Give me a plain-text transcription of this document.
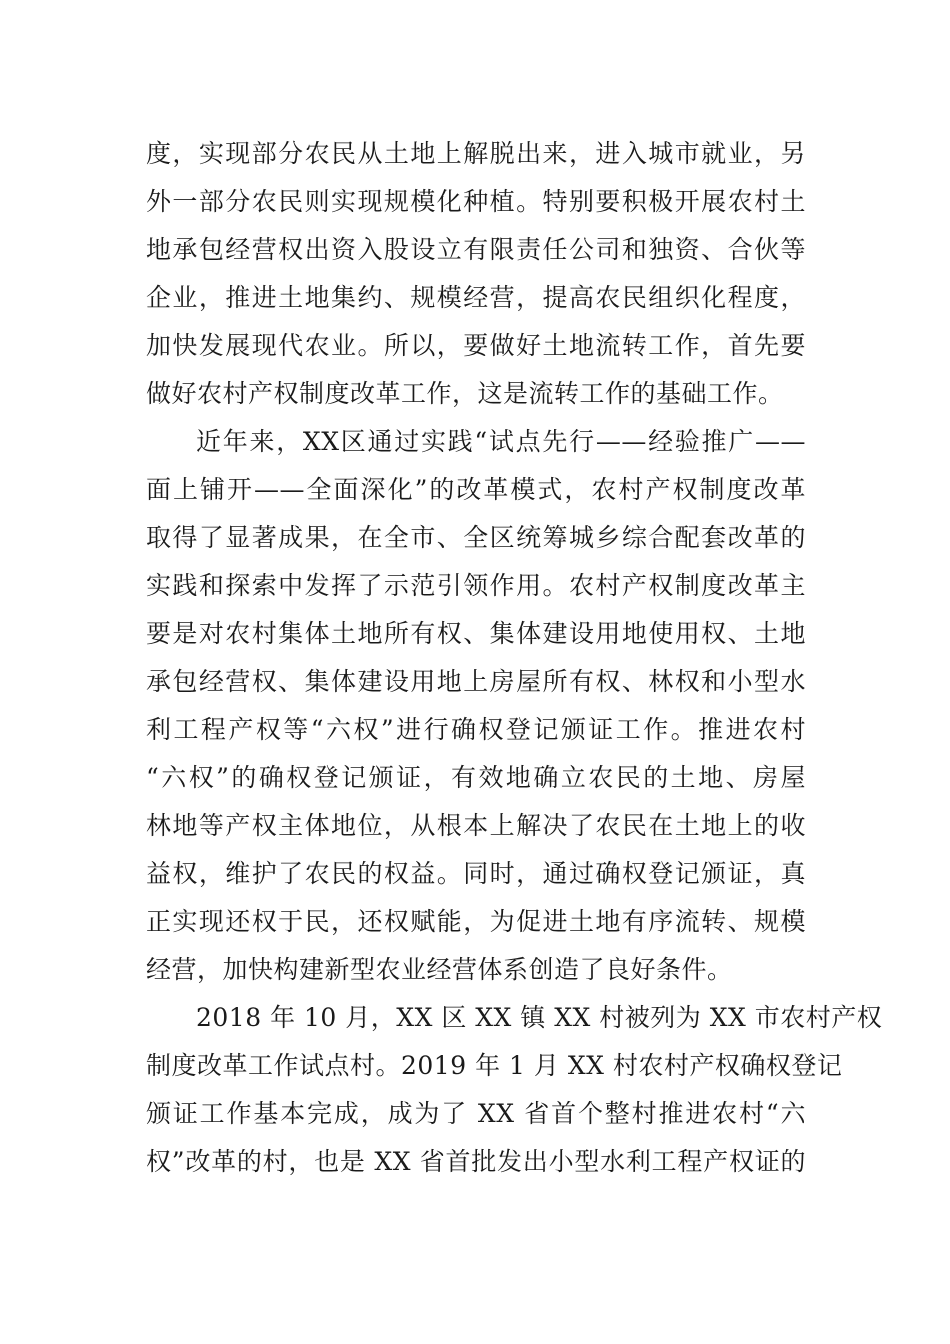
度，实现部分农民从土地上解脱出来，进入城市就业，另
外一部分农民则实现规模化种植。特别要积极开展农村土
地承包经营权出资入股设立有限责任公司和独资、合伙等
企业，推进土地集约、规模经营，提高农民组织化程度，
加快发展现代农业。所以，要做好土地流转工作，首先要
做好农村产权制度改革工作，这是流转工作的基础工作。
近年来，XX区通过实践“试点先行——经验推广——
面上铺开——全面深化”的改革模式，农村产权制度改革
取得了显著成果，在全市、全区统筹城乡综合配套改革的
实践和探索中发挥了示范引领作用。农村产权制度改革主
要是对农村集体土地所有权、集体建设用地使用权、土地
承包经营权、集体建设用地上房屋所有权、林权和小型水
利工程产权等“六权”进行确权登记颁证工作。推进农村
“六权”的确权登记颁证，有效地确立农民的土地、房屋
林地等产权主体地位，从根本上解决了农民在土地上的收
益权，维护了农民的权益。同时，通过确权登记颁证，真
正实现还权于民，还权赋能，为促进土地有序流转、规模
经营，加快构建新型农业经营体系创造了良好条件。
2018 年 10 月，XX 区 XX 镇 XX 村被列为 XX 市农村产权
制度改革工作试点村。2019 年 1 月 XX 村农村产权确权登记
颁证工作基本完成，成为了 XX 省首个整村推进农村“六
权”改革的村，也是 XX 省首批发出小型水利工程产权证的
